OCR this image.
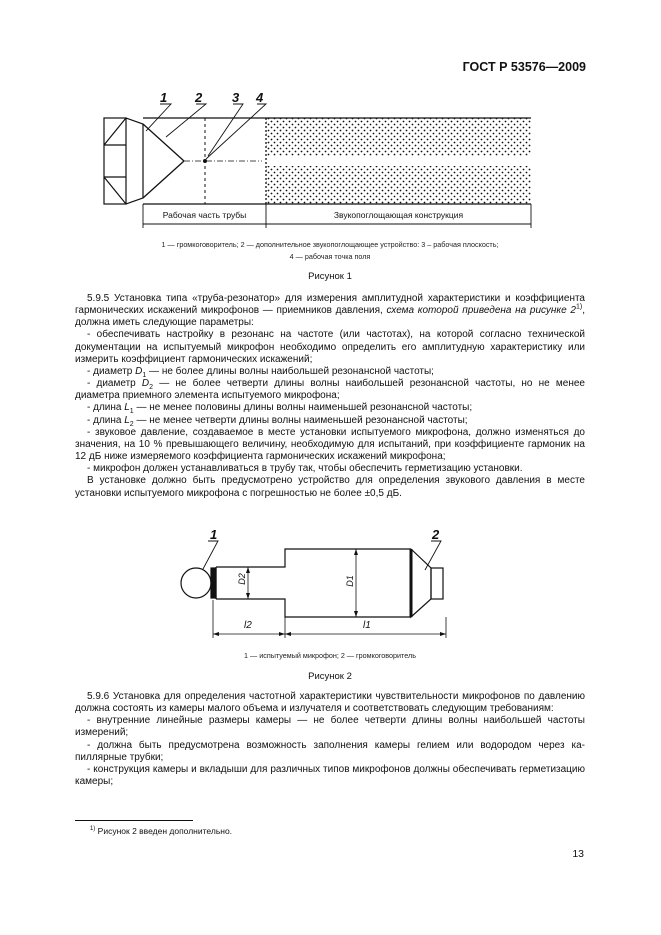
ГОСТ Р 53576—2009
1 2 3 4
Рабочая часть трубы	Звукопоглощающая конструкция
1 — громкоговоритель; 2 — дополнительное звукопоглощающее устройство: 3 – рабочая плоскость;
4 — рабочая точка поля
Рисунок 1

5.9.5 Установка типа «труба-резонатор» для измерения амплитудной характеристики и коэффициента гармонических искажений микрофонов — приемников давления, схема которой приведена на рисунке 2$^{1)}$, должна иметь следующие параметры:

- обеспечивать настройку в резонанс на частоте (или частотах), на которой согласно технической документации на испытуемый микрофон необходимо определить его амплитудную характеристику или измерить коэффициент гармонических искажений;

- диаметр $D_1$ — не более длины волны наибольшей резонансной частоты;

- диаметр $D_2$ — не более четверти длины волны наибольшей резонансной частоты, но не менее диаметра приемного элемента испытуемого микрофона;

- длина $L_1$ — не менее половины длины волны наименьшей резонансной частоты;

- длина $L_2$ — не менее четверти длины волны наименьшей резонансной частоты;

- звуковое давление, создаваемое в месте установки испытуемого микрофона, должно изменяться до значения, на 10 % превышающего величину, необходимую для испытаний, при коэффициенте гармоник на 12 дБ ниже измеряемого коэффициента гармонических искажений микрофона;

- микрофон должен устанавливаться в трубу так, чтобы обеспечить герметизацию установки.

В установке должно быть предусмотрено устройство для определения звукового давления в месте установки испытуемого микрофона с погрешностью не более ±0,5 дБ.

1	2
D2	D1
l2	l1
1 — испытуемый микрофон; 2 — громкоговоритель
Рисунок 2

5.9.6 Установка для определения частотной характеристики чувствительности микрофонов по давлению должна состоять из камеры малого объема и излучателя и соответствовать следующим требованиям:

- внутренние линейные размеры камеры — не более четверти длины волны наибольшей частоты измерений;

- должна быть предусмотрена возможность заполнения камеры гелием или водородом через капиллярные трубки;

- конструкция камеры и вкладыши для различных типов микрофонов должны обеспечивать герметизацию камеры;

$^{1)}$ Рисунок 2 введен дополнительно.
13
